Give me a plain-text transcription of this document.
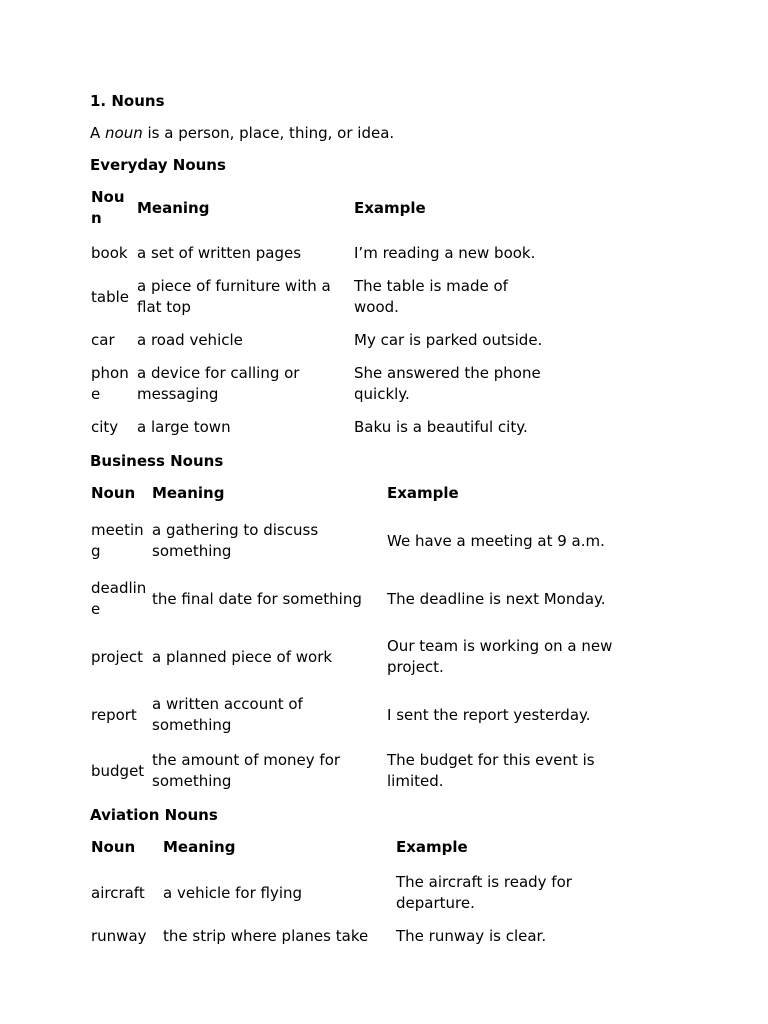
1. Nouns
A noun is a person, place, thing, or idea.
Everyday Nouns
Noun	Meaning	Example
book	a set of written pages	I’m reading a new book.
table	a piece of furniture with a flat top	The table is made of wood.
car	a road vehicle	My car is parked outside.
phone	a device for calling or messaging	She answered the phone quickly.
city	a large town	Baku is a beautiful city.
Business Nouns
Noun	Meaning	Example
meeting	a gathering to discuss something	We have a meeting at 9 a.m.
deadline	the final date for something	The deadline is next Monday.
project	a planned piece of work	Our team is working on a new project.
report	a written account of something	I sent the report yesterday.
budget	the amount of money for something	The budget for this event is limited.
Aviation Nouns
Noun	Meaning	Example
aircraft	a vehicle for flying	The aircraft is ready for departure.
runway	the strip where planes take	The runway is clear.
